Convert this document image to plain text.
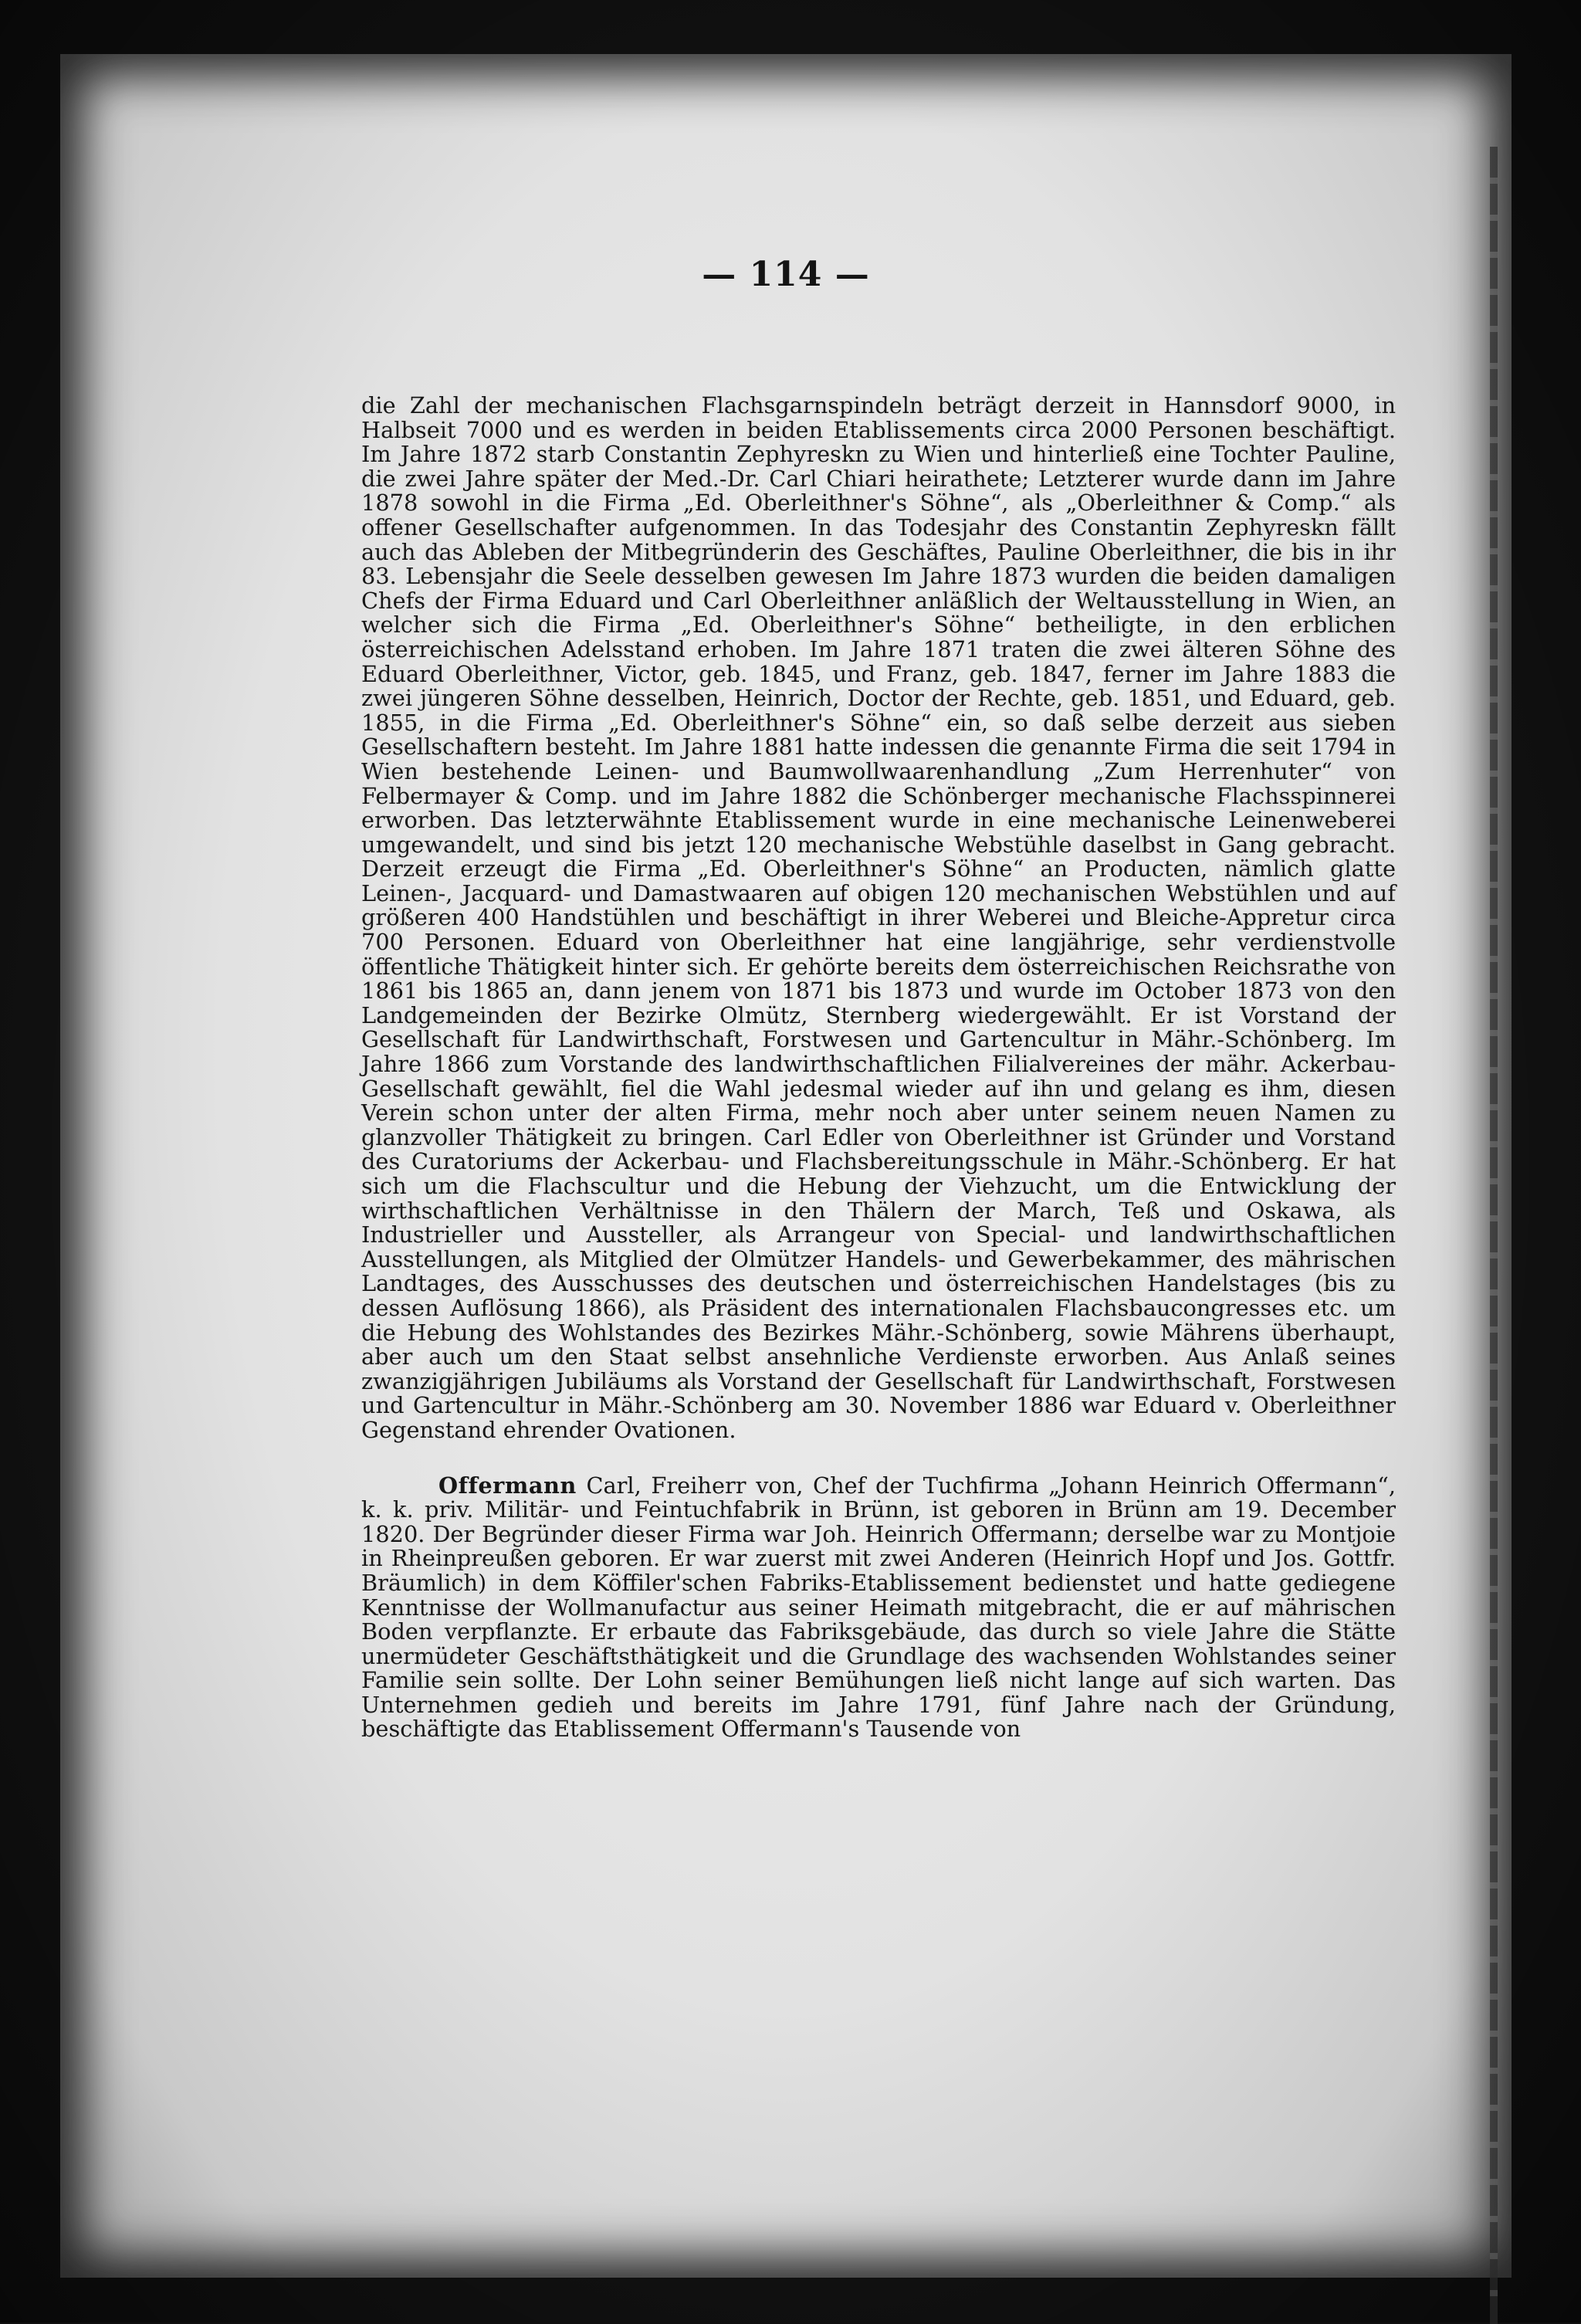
— 114 —

die Zahl der mechanischen Flachsgarnspindeln beträgt derzeit in Hannsdorf 9000, in Halbseit 7000 und es werden in beiden Etablissements circa 2000 Personen beschäftigt. Im Jahre 1872 starb Constantin Zephyreskn zu Wien und hinterließ eine Tochter Pauline, die zwei Jahre später der Med.-Dr. Carl Chiari heirathete; Letzterer wurde dann im Jahre 1878 sowohl in die Firma „Ed. Oberleithner's Söhne“, als „Oberleithner & Comp.“ als offener Gesellschafter aufgenommen. In das Todesjahr des Constantin Zephyreskn fällt auch das Ableben der Mitbegründerin des Geschäftes, Pauline Oberleithner, die bis in ihr 83. Lebensjahr die Seele desselben gewesen Im Jahre 1873 wurden die beiden damaligen Chefs der Firma Eduard und Carl Oberleithner anläßlich der Weltausstellung in Wien, an welcher sich die Firma „Ed. Oberleithner's Söhne“ betheiligte, in den erblichen österreichischen Adelsstand erhoben. Im Jahre 1871 traten die zwei älteren Söhne des Eduard Oberleithner, Victor, geb. 1845, und Franz, geb. 1847, ferner im Jahre 1883 die zwei jüngeren Söhne desselben, Heinrich, Doctor der Rechte, geb. 1851, und Eduard, geb. 1855, in die Firma „Ed. Oberleithner's Söhne“ ein, so daß selbe derzeit aus sieben Gesellschaftern besteht. Im Jahre 1881 hatte indessen die genannte Firma die seit 1794 in Wien bestehende Leinen- und Baumwollwaarenhandlung „Zum Herrenhuter“ von Felbermayer & Comp. und im Jahre 1882 die Schönberger mechanische Flachsspinnerei erworben. Das letzterwähnte Etablissement wurde in eine mechanische Leinenweberei umgewandelt, und sind bis jetzt 120 mechanische Webstühle daselbst in Gang gebracht. Derzeit erzeugt die Firma „Ed. Oberleithner's Söhne“ an Producten, nämlich glatte Leinen-, Jacquard- und Damastwaaren auf obigen 120 mechanischen Webstühlen und auf größeren 400 Handstühlen und beschäftigt in ihrer Weberei und Bleiche-Appretur circa 700 Personen. Eduard von Oberleithner hat eine langjährige, sehr verdienstvolle öffentliche Thätigkeit hinter sich. Er gehörte bereits dem österreichischen Reichsrathe von 1861 bis 1865 an, dann jenem von 1871 bis 1873 und wurde im October 1873 von den Landgemeinden der Bezirke Olmütz, Sternberg wiedergewählt. Er ist Vorstand der Gesellschaft für Landwirthschaft, Forstwesen und Gartencultur in Mähr.-Schönberg. Im Jahre 1866 zum Vorstande des landwirthschaftlichen Filialvereines der mähr. Ackerbau-Gesellschaft gewählt, fiel die Wahl jedesmal wieder auf ihn und gelang es ihm, diesen Verein schon unter der alten Firma, mehr noch aber unter seinem neuen Namen zu glanzvoller Thätigkeit zu bringen. Carl Edler von Oberleithner ist Gründer und Vorstand des Curatoriums der Ackerbau- und Flachsbereitungsschule in Mähr.-Schönberg. Er hat sich um die Flachscultur und die Hebung der Viehzucht, um die Entwicklung der wirthschaftlichen Verhältnisse in den Thälern der March, Teß und Oskawa, als Industrieller und Aussteller, als Arrangeur von Special- und landwirthschaftlichen Ausstellungen, als Mitglied der Olmützer Handels- und Gewerbekammer, des mährischen Landtages, des Ausschusses des deutschen und österreichischen Handelstages (bis zu dessen Auflösung 1866), als Präsident des internationalen Flachsbaucongresses etc. um die Hebung des Wohlstandes des Bezirkes Mähr.-Schönberg, sowie Mährens überhaupt, aber auch um den Staat selbst ansehnliche Verdienste erworben. Aus Anlaß seines zwanzigjährigen Jubiläums als Vorstand der Gesellschaft für Landwirthschaft, Forstwesen und Gartencultur in Mähr.-Schönberg am 30. November 1886 war Eduard v. Oberleithner Gegenstand ehrender Ovationen.

Offermann Carl, Freiherr von, Chef der Tuchfirma „Johann Heinrich Offermann“, k. k. priv. Militär- und Feintuchfabrik in Brünn, ist geboren in Brünn am 19. December 1820. Der Begründer dieser Firma war Joh. Heinrich Offermann; derselbe war zu Montjoie in Rheinpreußen geboren. Er war zuerst mit zwei Anderen (Heinrich Hopf und Jos. Gottfr. Bräumlich) in dem Köffiler'schen Fabriks-Etablissement bedienstet und hatte gediegene Kenntnisse der Wollmanufactur aus seiner Heimath mitgebracht, die er auf mährischen Boden verpflanzte. Er erbaute das Fabriksgebäude, das durch so viele Jahre die Stätte unermüdeter Geschäftsthätigkeit und die Grundlage des wachsenden Wohlstandes seiner Familie sein sollte. Der Lohn seiner Bemühungen ließ nicht lange auf sich warten. Das Unternehmen gedieh und bereits im Jahre 1791, fünf Jahre nach der Gründung, beschäftigte das Etablissement Offermann's Tausende von
